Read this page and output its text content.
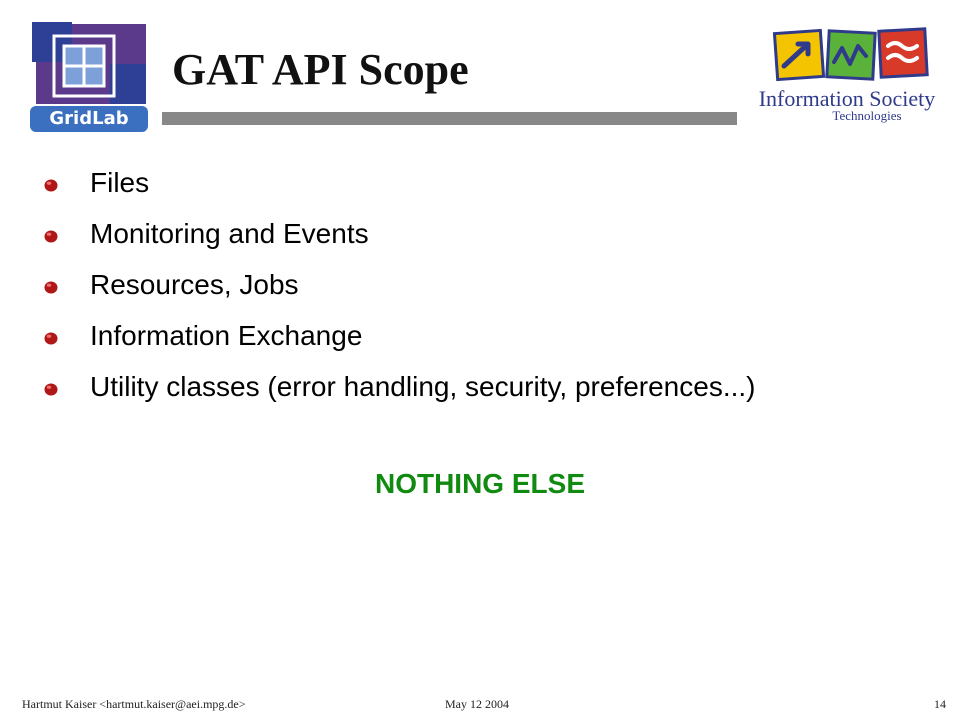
GridLab
GAT API Scope
Information Society
Technologies
Files
Monitoring and Events
Resources, Jobs
Information Exchange
Utility classes (error handling, security, preferences...)
NOTHING ELSE
Hartmut Kaiser <hartmut.kaiser@aei.mpg.de>	May 12 2004	14
